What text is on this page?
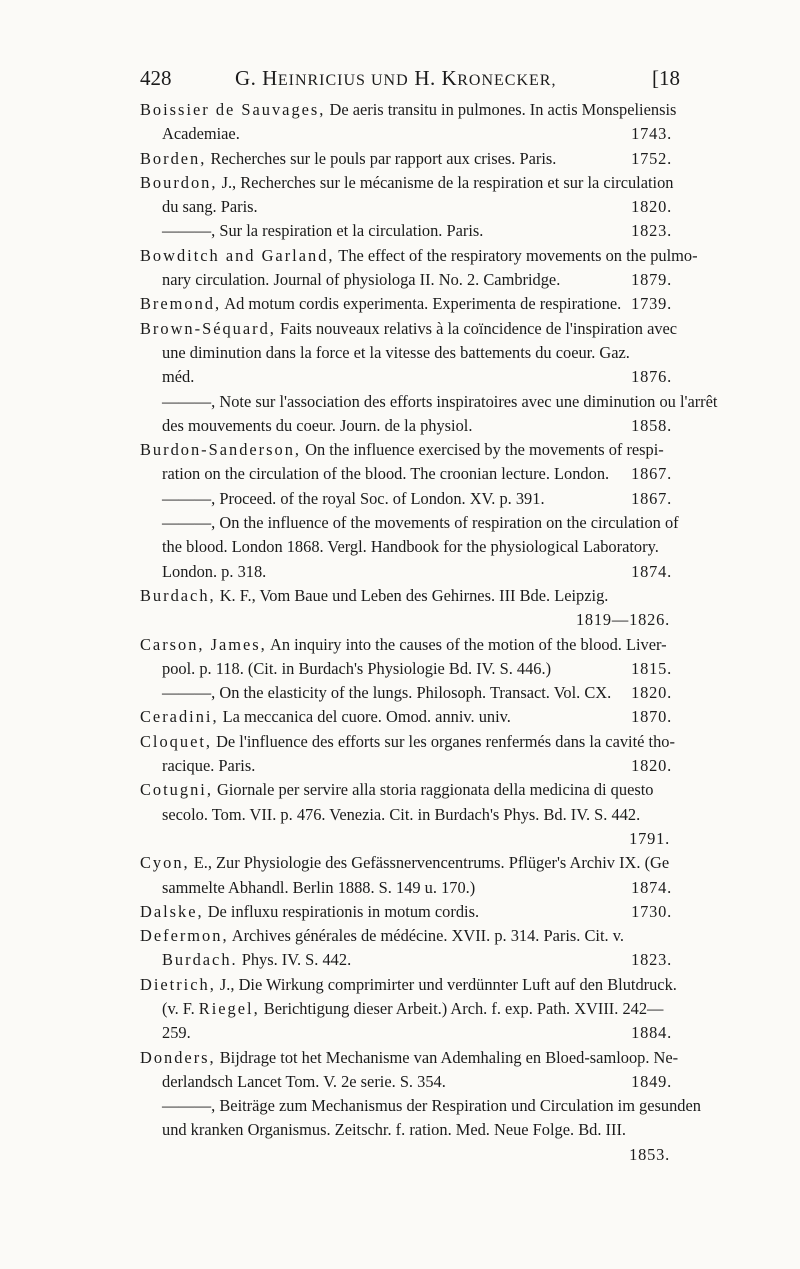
428	G. HEINRICIUS UND H. KRONECKER,	[18
Boissier de Sauvages, De aeris transitu in pulmones. In actis Monspeliensis
Academiae.	1743.
Borden, Recherches sur le pouls par rapport aux crises. Paris.	1752.
Bourdon, J., Recherches sur le mécanisme de la respiration et sur la circulation
du sang. Paris.	1820.
———, Sur la respiration et la circulation. Paris.	1823.
Bowditch and Garland, The effect of the respiratory movements on the pulmo-
nary circulation. Journal of physiologa II. No. 2. Cambridge.	1879.
Bremond, Ad motum cordis experimenta. Experimenta de respiratione. 1739.
Brown-Séquard, Faits nouveaux relativs à la coïncidence de l'inspiration avec
une diminution dans la force et la vitesse des battements du coeur. Gaz.
méd.	1876.
———, Note sur l'association des efforts inspiratoires avec une diminution ou l'arrêt
des mouvements du coeur. Journ. de la physiol.	1858.
Burdon-Sanderson, On the influence exercised by the movements of respi-
ration on the circulation of the blood. The croonian lecture. London. 1867.
———, Proceed. of the royal Soc. of London. XV. p. 391.	1867.
———, On the influence of the movements of respiration on the circulation of
the blood. London 1868. Vergl. Handbook for the physiological Laboratory.
London. p. 318.	1874.
Burdach, K. F., Vom Baue und Leben des Gehirnes. III Bde. Leipzig.
1819—1826.
Carson, James, An inquiry into the causes of the motion of the blood. Liver-
pool. p. 118. (Cit. in Burdach's Physiologie Bd. IV. S. 446.)	1815.
———, On the elasticity of the lungs. Philosoph. Transact. Vol. CX. 1820.
Ceradini, La meccanica del cuore. Omod. anniv. univ.	1870.
Cloquet, De l'influence des efforts sur les organes renfermés dans la cavité tho-
racique. Paris.	1820.
Cotugni, Giornale per servire alla storia raggionata della medicina di questo
secolo. Tom. VII. p. 476. Venezia. Cit. in Burdach's Phys. Bd. IV. S. 442.
1791.
Cyon, E., Zur Physiologie des Gefässnervencentrums. Pflüger's Archiv IX. (Ge
sammelte Abhandl. Berlin 1888. S. 149 u. 170.)	1874.
Dalske, De influxu respirationis in motum cordis.	1730.
Defermon, Archives générales de médécine. XVII. p. 314. Paris. Cit. v.
Burdach. Phys. IV. S. 442.	1823.
Dietrich, J., Die Wirkung comprimirter und verdünnter Luft auf den Blutdruck.
(v. F. Riegel, Berichtigung dieser Arbeit.) Arch. f. exp. Path. XVIII. 242—
259.	1884.
Donders, Bijdrage tot het Mechanisme van Ademhaling en Bloed-samloop. Ne-
derlandsch Lancet Tom. V. 2e serie. S. 354.	1849.
———, Beiträge zum Mechanismus der Respiration und Circulation im gesunden
und kranken Organismus. Zeitschr. f. ration. Med. Neue Folge. Bd. III.
1853.
